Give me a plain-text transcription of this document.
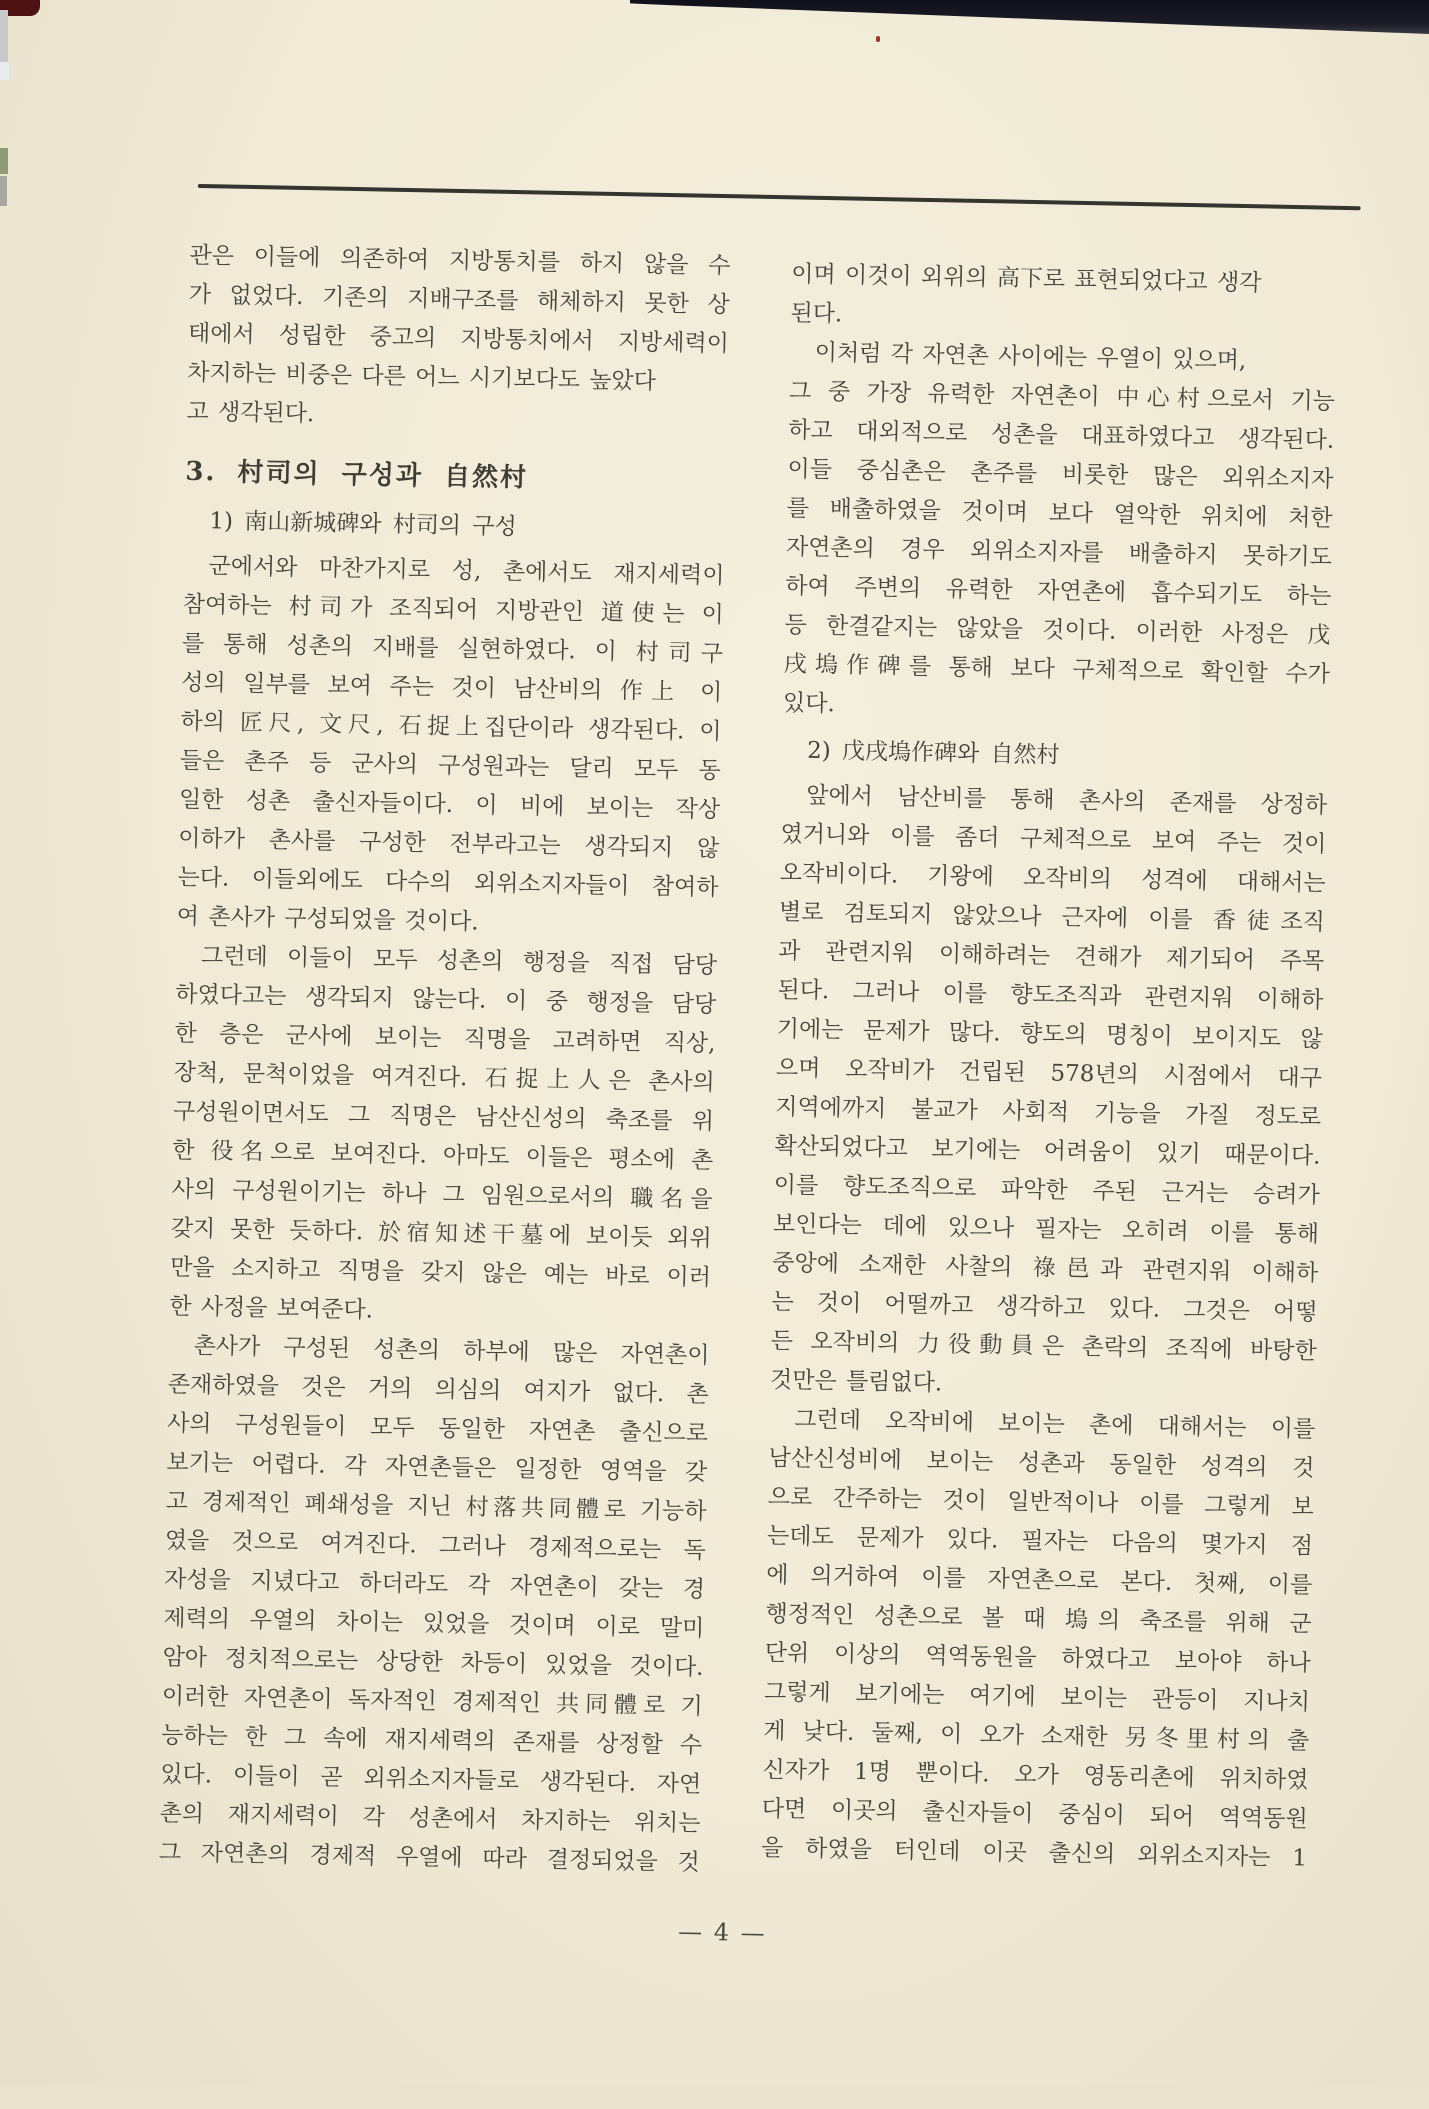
관은 이들에 의존하여 지방통치를 하지 않을 수
가 없었다. 기존의 지배구조를 해체하지 못한 상
태에서 성립한 중고의 지방통치에서 지방세력이
차지하는 비중은 다른 어느 시기보다도 높았다
고 생각된다.
3. 村司의 구성과 自然村
1) 南山新城碑와 村司의 구성
군에서와 마찬가지로 성, 촌에서도 재지세력이
참여하는 村司가 조직되어 지방관인 道使는 이
를 통해 성촌의 지배를 실현하였다. 이 村司구
성의 일부를 보여 주는 것이 남산비의 作上 이
하의 匠尺, 文尺, 石捉上집단이라 생각된다. 이
들은 촌주 등 군사의 구성원과는 달리 모두 동
일한 성촌 출신자들이다. 이 비에 보이는 작상
이하가 촌사를 구성한 전부라고는 생각되지 않
는다. 이들외에도 다수의 외위소지자들이 참여하
여 촌사가 구성되었을 것이다.
그런데 이들이 모두 성촌의 행정을 직접 담당
하였다고는 생각되지 않는다. 이 중 행정을 담당
한 층은 군사에 보이는 직명을 고려하면 직상,
장척, 문척이었을 여겨진다. 石捉上人은 촌사의
구성원이면서도 그 직명은 남산신성의 축조를 위
한 役名으로 보여진다. 아마도 이들은 평소에 촌
사의 구성원이기는 하나 그 임원으로서의 職名을
갖지 못한 듯하다. 於宿知述干墓에 보이듯 외위
만을 소지하고 직명을 갖지 않은 예는 바로 이러
한 사정을 보여준다.
촌사가 구성된 성촌의 하부에 많은 자연촌이
존재하였을 것은 거의 의심의 여지가 없다. 촌
사의 구성원들이 모두 동일한 자연촌 출신으로
보기는 어렵다. 각 자연촌들은 일정한 영역을 갖
고 경제적인 폐쇄성을 지닌 村落共同體로 기능하
였을 것으로 여겨진다. 그러나 경제적으로는 독
자성을 지녔다고 하더라도 각 자연촌이 갖는 경
제력의 우열의 차이는 있었을 것이며 이로 말미
암아 정치적으로는 상당한 차등이 있었을 것이다.
이러한 자연촌이 독자적인 경제적인 共同體로 기
능하는 한 그 속에 재지세력의 존재를 상정할 수
있다. 이들이 곧 외위소지자들로 생각된다. 자연
촌의 재지세력이 각 성촌에서 차지하는 위치는
그 자연촌의 경제적 우열에 따라 결정되었을 것
이며 이것이 외위의 高下로 표현되었다고 생각
된다.
이처럼 각 자연촌 사이에는 우열이 있으며,
그 중 가장 유력한 자연촌이 中心村으로서 기능
하고 대외적으로 성촌을 대표하였다고 생각된다.
이들 중심촌은 촌주를 비롯한 많은 외위소지자
를 배출하였을 것이며 보다 열악한 위치에 처한
자연촌의 경우 외위소지자를 배출하지 못하기도
하여 주변의 유력한 자연촌에 흡수되기도 하는
등 한결같지는 않았을 것이다. 이러한 사정은 戊
戌塢作碑를 통해 보다 구체적으로 확인할 수가
있다.
2) 戊戌塢作碑와 自然村
앞에서 남산비를 통해 촌사의 존재를 상정하
였거니와 이를 좀더 구체적으로 보여 주는 것이
오작비이다. 기왕에 오작비의 성격에 대해서는
별로 검토되지 않았으나 근자에 이를 香徒조직
과 관련지워 이해하려는 견해가 제기되어 주목
된다. 그러나 이를 향도조직과 관련지워 이해하
기에는 문제가 많다. 향도의 명칭이 보이지도 않
으며 오작비가 건립된 578년의 시점에서 대구
지역에까지 불교가 사회적 기능을 가질 정도로
확산되었다고 보기에는 어려움이 있기 때문이다.
이를 향도조직으로 파악한 주된 근거는 승려가
보인다는 데에 있으나 필자는 오히려 이를 통해
중앙에 소재한 사찰의 祿邑과 관련지워 이해하
는 것이 어떨까고 생각하고 있다. 그것은 어떻
든 오작비의 力役動員은 촌락의 조직에 바탕한
것만은 틀림없다.
그런데 오작비에 보이는 촌에 대해서는 이를
남산신성비에 보이는 성촌과 동일한 성격의 것
으로 간주하는 것이 일반적이나 이를 그렇게 보
는데도 문제가 있다. 필자는 다음의 몇가지 점
에 의거하여 이를 자연촌으로 본다. 첫째, 이를
행정적인 성촌으로 볼 때 塢의 축조를 위해 군
단위 이상의 역역동원을 하였다고 보아야 하나
그렇게 보기에는 여기에 보이는 관등이 지나치
게 낮다. 둘째, 이 오가 소재한 另冬里村의 출
신자가 1명 뿐이다. 오가 영동리촌에 위치하였
다면 이곳의 출신자들이 중심이 되어 역역동원
을 하였을 터인데 이곳 출신의 외위소지자는 1
— 4 —
